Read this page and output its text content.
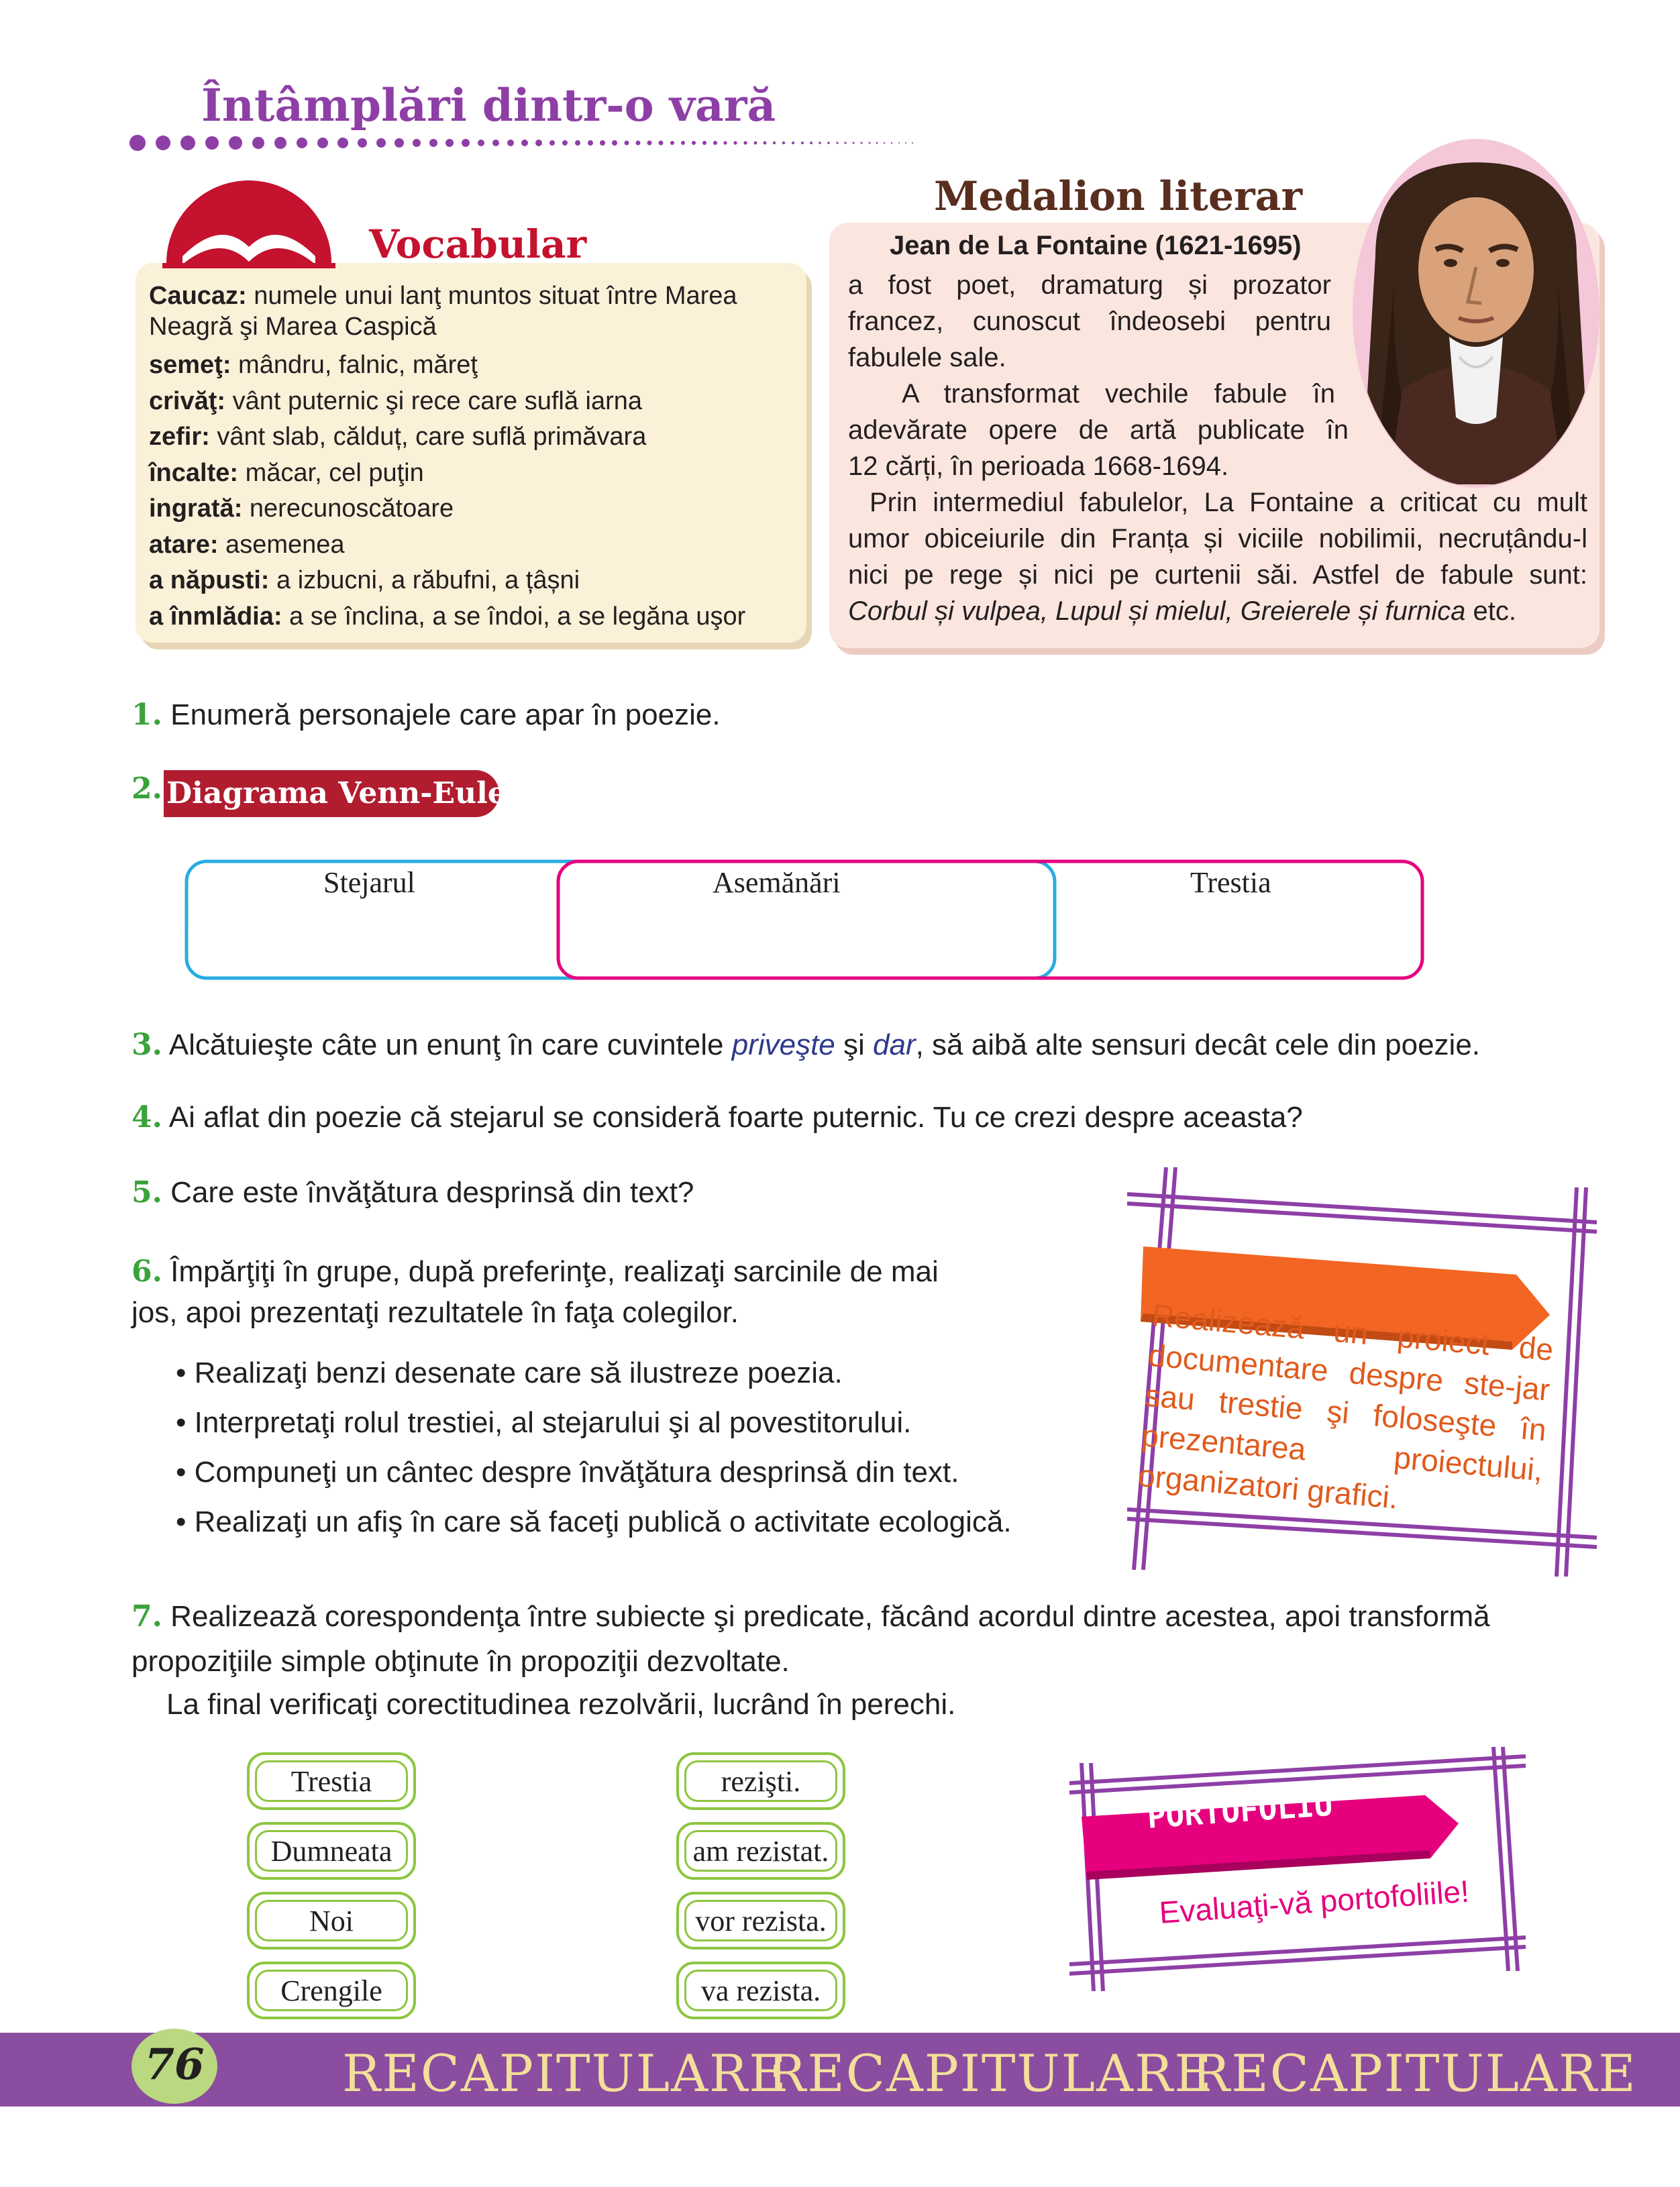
Întâmplări dintr-o vară
Vocabular
Caucaz: numele unui lanţ muntos situat între Marea Neagră şi Marea Caspică
semeţ: mândru, falnic, măreţ
crivăţ: vânt puternic şi rece care suflă iarna
zefir: vânt slab, călduț, care suflă primăvara
încalte: măcar, cel puţin
ingrată: nerecunoscătoare
atare: asemenea
a năpusti: a izbucni, a răbufni, a țâșni
a înmlădia: a se înclina, a se îndoi, a se legăna uşor
Medalion literar
Jean de La Fontaine (1621-1695)
a fost poet, dramaturg și prozator
francez, cunoscut îndeosebi pentru
fabulele sale.
A transformat vechile fabule în
adevărate opere de artă publicate în
12 cărți, în perioada 1668-1694.
Prin intermediul fabulelor, La Fontaine a criticat cu mult
umor obiceiurile din Franța și viciile nobilimii, necruțându-l
nici pe rege și nici pe curtenii săi. Astfel de fabule sunt:
Corbul și vulpea, Lupul și mielul, Greierele și furnica etc.
1. Enumeră personajele care apar în poezie.
2. Diagrama Venn-Euler
Stejarul	Asemănări	Trestia
3. Alcătuieşte câte un enunţ în care cuvintele priveşte şi dar, să aibă alte sensuri decât cele din poezie.
4. Ai aflat din poezie că stejarul se consideră foarte puternic. Tu ce crezi despre aceasta?
5. Care este învăţătura desprinsă din text?
6. Împărţiţi în grupe, după preferinţe, realizaţi sarcinile de mai
jos, apoi prezentaţi rezultatele în faţa colegilor.
• Realizaţi benzi desenate care să ilustreze poezia.
• Interpretaţi rolul trestiei, al stejarului şi al povestitorului.
• Compuneţi un cântec despre învăţătura desprinsă din text.
• Realizaţi un afiş în care să faceţi publică o activitate ecologică.
7. Realizează corespondenţa între subiecte şi predicate, făcând acordul dintre acestea, apoi transformă
propoziţiile simple obţinute în propoziţii dezvoltate.
La final verificaţi corectitudinea rezolvării, lucrând în perechi.
Trestia
Dumneata
Noi
Crengile
rezişti.
am rezistat.
vor rezista.
va rezista.
PROIECT
Realizează un proiect de documentare despre ste-jar sau trestie şi foloseşte în prezentarea proiectului, organizatori grafici.
PORTOFOLIU
Evaluaţi-vă portofoliile!
76	RECAPITULARE
RECAPITULARE
RECAPITULARE
